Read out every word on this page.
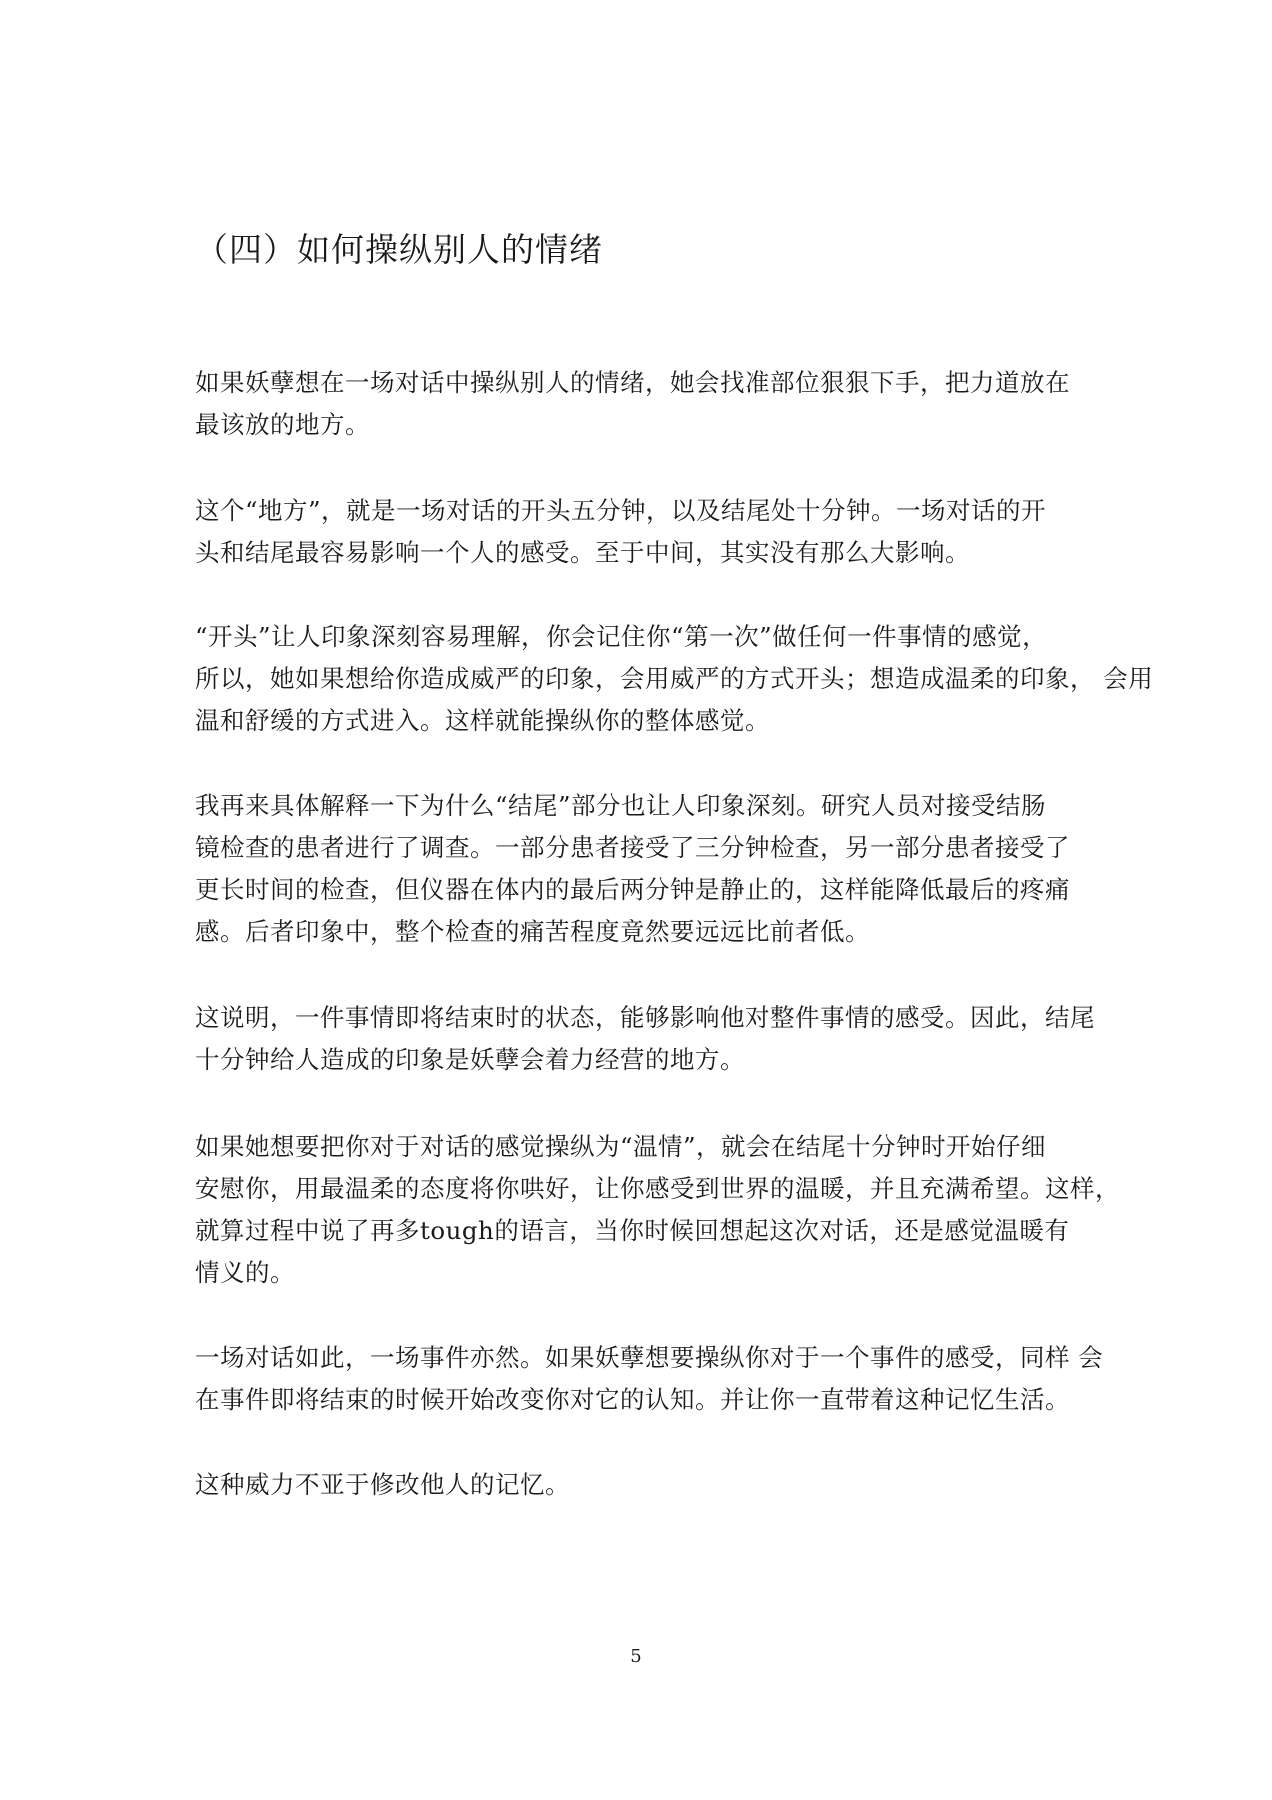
（四）如何操纵别人的情绪

如果妖孽想在一场对话中操纵别人的情绪，她会找准部位狠狠下手，把力道放在
最该放的地方。

这个“地方”，就是一场对话的开头五分钟，以及结尾处十分钟。一场对话的开
头和结尾最容易影响一个人的感受。至于中间，其实没有那么大影响。

“开头”让人印象深刻容易理解，你会记住你“第一次”做任何一件事情的感觉，
所以，她如果想给你造成威严的印象，会用威严的方式开头；想造成温柔的印象， 会用
温和舒缓的方式进入。这样就能操纵你的整体感觉。

我再来具体解释一下为什么“结尾”部分也让人印象深刻。研究人员对接受结肠
镜检查的患者进行了调查。一部分患者接受了三分钟检查，另一部分患者接受了
更长时间的检查，但仪器在体内的最后两分钟是静止的，这样能降低最后的疼痛
感。后者印象中，整个检查的痛苦程度竟然要远远比前者低。

这说明，一件事情即将结束时的状态，能够影响他对整件事情的感受。因此，结尾
十分钟给人造成的印象是妖孽会着力经营的地方。

如果她想要把你对于对话的感觉操纵为“温情”，就会在结尾十分钟时开始仔细
安慰你，用最温柔的态度将你哄好，让你感受到世界的温暖，并且充满希望。这样，
就算过程中说了再多tough的语言，当你时候回想起这次对话，还是感觉温暖有
情义的。

一场对话如此，一场事件亦然。如果妖孽想要操纵你对于一个事件的感受，同样 会
在事件即将结束的时候开始改变你对它的认知。并让你一直带着这种记忆生活。

这种威力不亚于修改他人的记忆。

5
